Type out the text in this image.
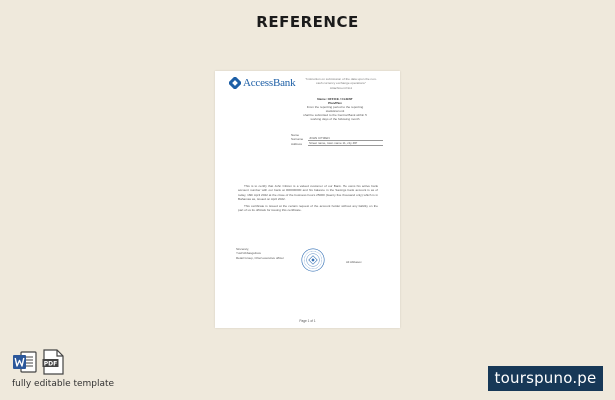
REFERENCE
AccessBank	"Instruction on submission of the data upon the non-cash currency exchange operations"
Attachment No1
Name: OFFICE / CLIENT
Plan/Plex
From the reporting period to the reporting
statistical unit
shall be submitted to the Central Bank within 5
working days of the following month
Name Surname	JOHN CITIZEN
Address	Street name, town name 11, city ZIP

This is to certify that John Citizen is a valued customer of our Bank. He owns his active bank account number with our bank at 000000000 and his balance in the Savings bank account is as of today, 16th April 2022 at the close of the business hours 25000 (twenty five thousand only) which is in Bahamas as, issued on April 2022.

This certificate is issued at the certain request of the account holder without any liability on the part of us its officials for issuing this certificate.

Sincerely,
Yusif Abbasgulisov
Retail Group, Chief executive officer
Ali Abbasov
Page 1 of 1
PDF
fully editable template	tourspuno.pe
